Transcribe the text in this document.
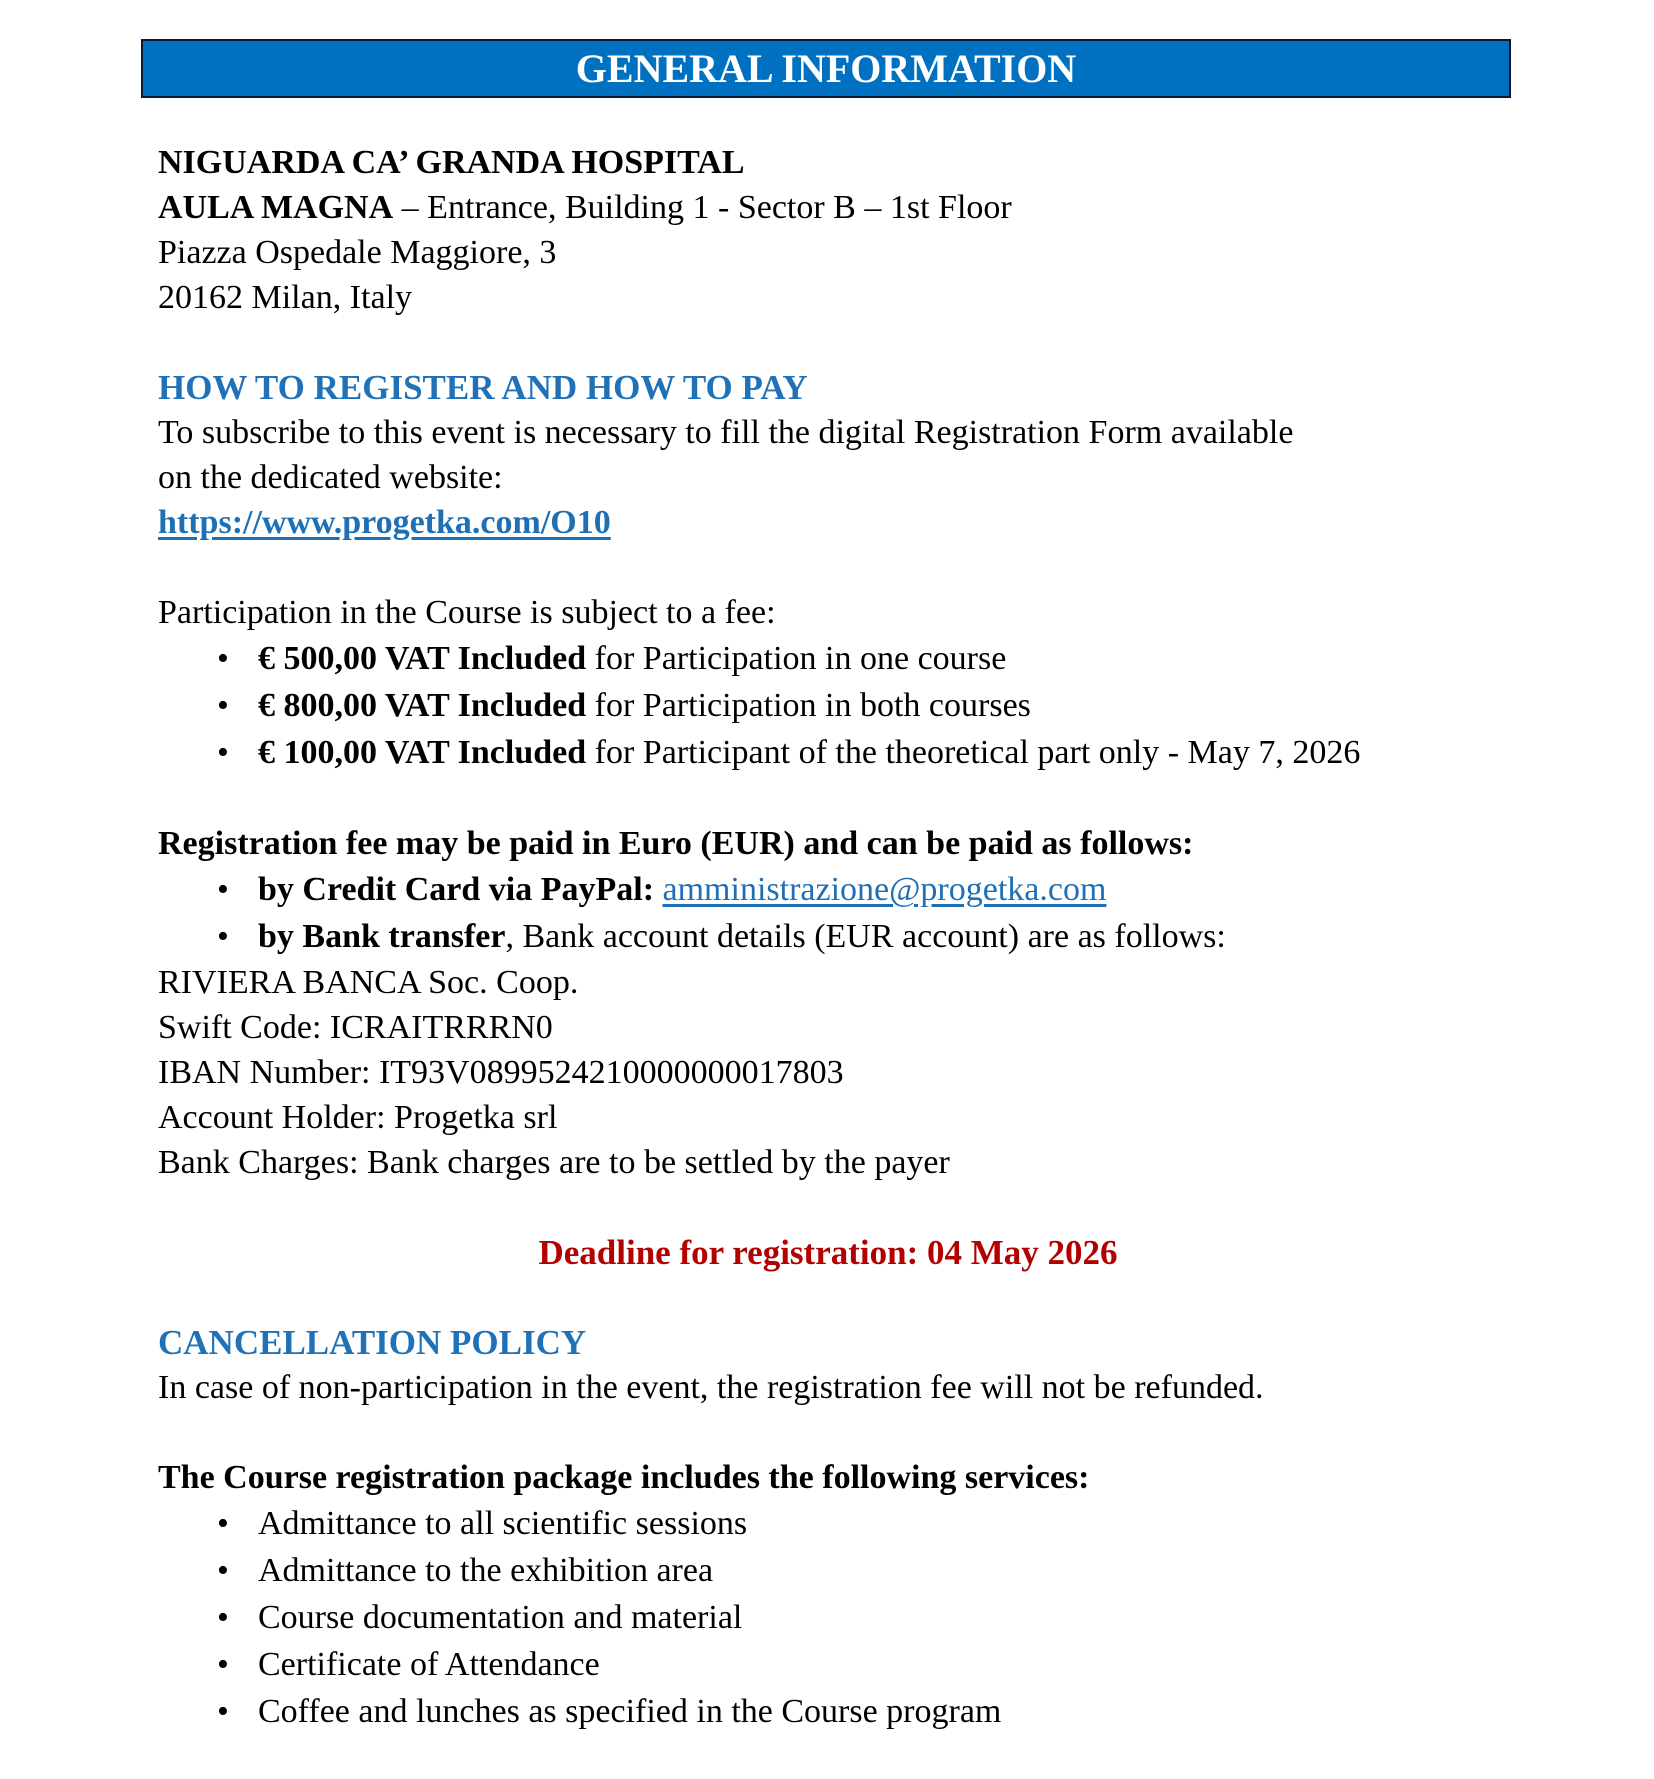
GENERAL INFORMATION
NIGUARDA CA’ GRANDA HOSPITAL
AULA MAGNA – Entrance, Building 1 - Sector B – 1st Floor
Piazza Ospedale Maggiore, 3
20162 Milan, Italy
HOW TO REGISTER AND HOW TO PAY
To subscribe to this event is necessary to fill the digital Registration Form available
on the dedicated website:
https://www.progetka.com/O10
Participation in the Course is subject to a fee:
• € 500,00 VAT Included for Participation in one course
• € 800,00 VAT Included for Participation in both courses
• € 100,00 VAT Included for Participant of the theoretical part only - May 7, 2026
Registration fee may be paid in Euro (EUR) and can be paid as follows:
• by Credit Card via PayPal: amministrazione@progetka.com
• by Bank transfer, Bank account details (EUR account) are as follows:
RIVIERA BANCA Soc. Coop.
Swift Code: ICRAITRRRN0
IBAN Number: IT93V0899524210000000017803
Account Holder: Progetka srl
Bank Charges: Bank charges are to be settled by the payer
Deadline for registration: 04 May 2026
CANCELLATION POLICY
In case of non-participation in the event, the registration fee will not be refunded.
The Course registration package includes the following services:
• Admittance to all scientific sessions
• Admittance to the exhibition area
• Course documentation and material
• Certificate of Attendance
• Coffee and lunches as specified in the Course program
